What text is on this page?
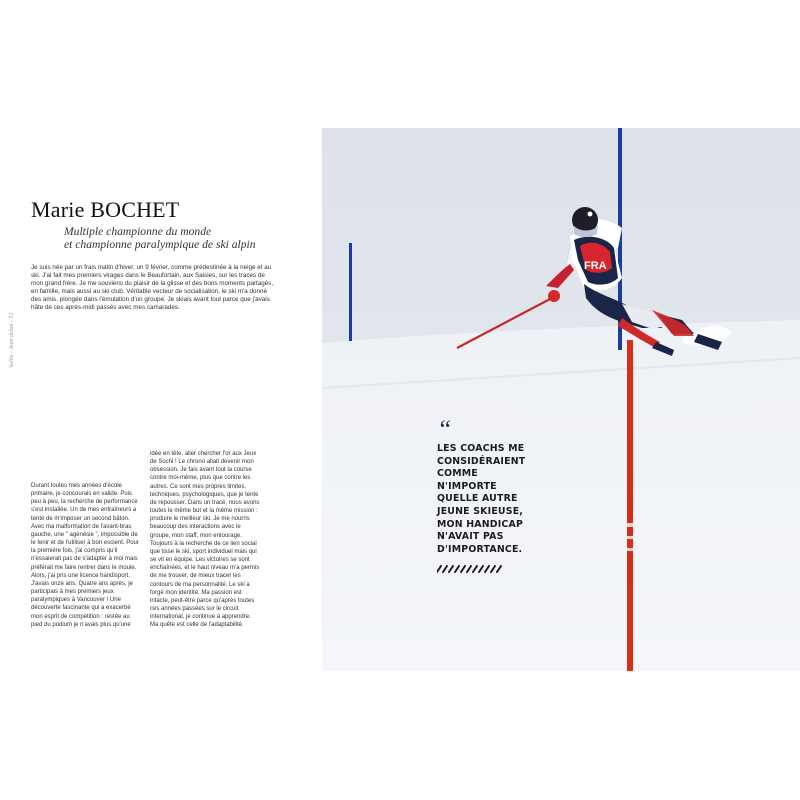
Soltis - Jean delan - 12
Marie BOCHET
Multiple championne du monde
et championne paralympique de ski alpin
Je suis née par un frais matin d'hiver, un 9 février, comme prédestinée à la neige et au ski. J'ai fait mes premiers virages dans le Beaufortain, aux Saisies, sur les traces de mon grand frère. Je me souviens du plaisir de la glisse et des bons moments partagés, en famille, mais aussi au ski club. Véritable vecteur de socialisation, le ski m'a donné des amis, plongée dans l'émulation d'un groupe. Je skiais avant tout parce que j'avais hâte de ces après-midi passés avec mes camarades.
Durant toutes mes années d'école primaire, je concourais en valide. Puis peu à peu, la recherche de performance s'est installée. Un de mes entraîneurs a tenté de m'imposer un second bâton. Avec ma malformation de l'avant-bras gauche, une " agénésie ", impossible de le tenir et de l'utiliser à bon escient. Pour la première fois, j'ai compris qu'il n'essaierait pas de s'adapter à moi mais préférait me faire rentrer dans le moule. Alors, j'ai pris une licence handisport. J'avais onze ans. Quatre ans après, je participais à mes premiers jeux paralympiques à Vancouver ! Une découverte fascinante qui a exacerbé mon esprit de compétition : restée au pied du podium je n'avais plus qu'une
idée en tête, aller chercher l'or aux Jeux de Sochi ! Le chrono allait devenir mon obsession. Je fais avant tout la course contre moi-même, plus que contre les autres. Ce sont mes propres limites, techniques, psychologiques, que je tente de repousser. Dans un tracé, nous avons toutes le même but et la même mission : produire le meilleur ski. Je me nourris beaucoup des interactions avec le groupe, mon staff, mon entourage. Toujours à la recherche de ce lien social que tisse le ski, sport individuel mais qui se vit en équipe. Les victoires se sont enchaînées, et le haut niveau m'a permis de me trouver, de mieux tracer les contours de ma personnalité. Le ski a forgé mon identité. Ma passion est intacte, peut-être parce qu'après toutes ces années passées sur le circuit international, je continue à apprendre. Ma quête est celle de l'adaptabilité.
FRA
“
LES COACHS ME CONSIDÉRAIENT COMME N'IMPORTE QUELLE AUTRE JEUNE SKIEUSE, MON HANDICAP N'AVAIT PAS D'IMPORTANCE.
